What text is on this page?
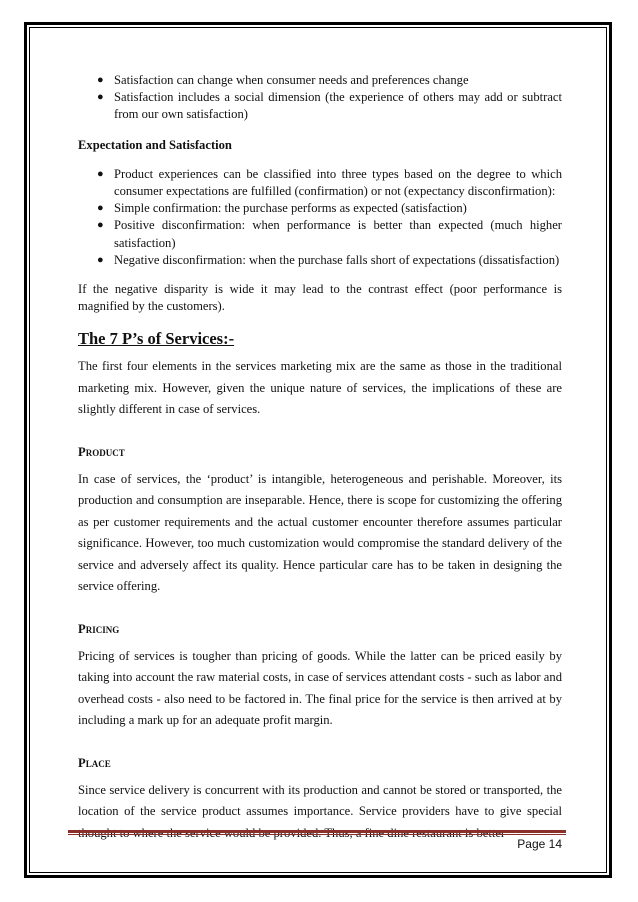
● Satisfaction can change when consumer needs and preferences change
● Satisfaction includes a social dimension (the experience of others may add or subtract from our own satisfaction)
Expectation and Satisfaction
● Product experiences can be classified into three types based on the degree to which consumer expectations are fulfilled (confirmation) or not (expectancy disconfirmation):
● Simple confirmation: the purchase performs as expected (satisfaction)
● Positive disconfirmation: when performance is better than expected (much higher satisfaction)
● Negative disconfirmation: when the purchase falls short of expectations (dissatisfaction)

If the negative disparity is wide it may lead to the contrast effect (poor performance is magnified by the customers).

The 7 P’s of Services:-

The first four elements in the services marketing mix are the same as those in the traditional marketing mix. However, given the unique nature of services, the implications of these are slightly different in case of services.

Product

In case of services, the ‘product’ is intangible, heterogeneous and perishable. Moreover, its production and consumption are inseparable. Hence, there is scope for customizing the offering as per customer requirements and the actual customer encounter therefore assumes particular significance. However, too much customization would compromise the standard delivery of the service and adversely affect its quality. Hence particular care has to be taken in designing the service offering.

Pricing

Pricing of services is tougher than pricing of goods. While the latter can be priced easily by taking into account the raw material costs, in case of services attendant costs - such as labor and overhead costs - also need to be factored in. The final price for the service is then arrived at by including a mark up for an adequate profit margin.

Place

Since service delivery is concurrent with its production and cannot be stored or transported, the location of the service product assumes importance. Service providers have to give special

Page 14
